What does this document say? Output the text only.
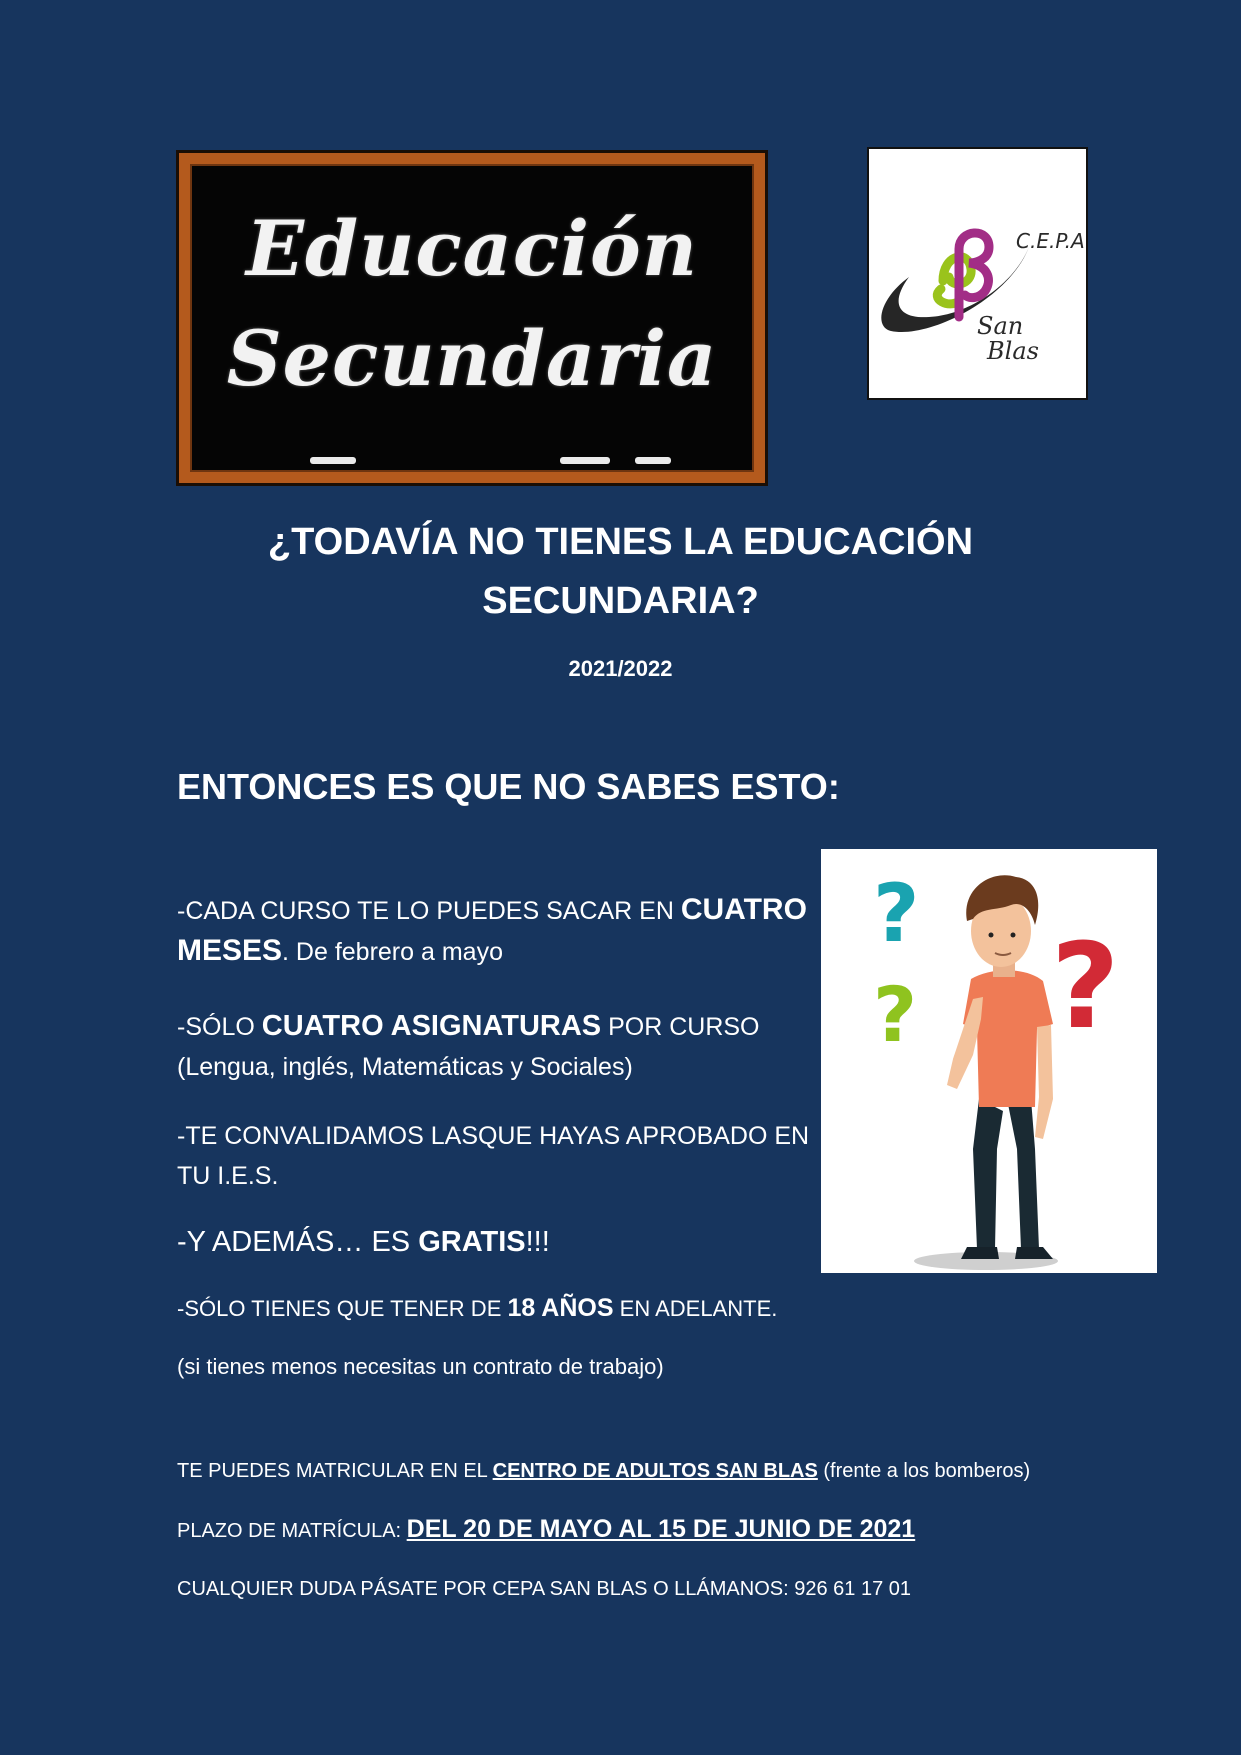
Educación
Secundaria
C.E.P.A
San
Blas
¿TODAVÍA NO TIENES LA EDUCACIÓN
SECUNDARIA?
2021/2022
ENTONCES ES QUE NO SABES ESTO:
?
? ?
-CADA CURSO TE LO PUEDES SACAR EN CUATRO
MESES. De febrero a mayo
-SÓLO CUATRO ASIGNATURAS POR CURSO
(Lengua, inglés, Matemáticas y Sociales)
-TE CONVALIDAMOS LASQUE HAYAS APROBADO EN
TU I.E.S.
-Y ADEMÁS… ES GRATIS!!!
-SÓLO TIENES QUE TENER DE 18 AÑOS EN ADELANTE.
(si tienes menos necesitas un contrato de trabajo)
TE PUEDES MATRICULAR EN EL CENTRO DE ADULTOS SAN BLAS (frente a los bomberos)
PLAZO DE MATRÍCULA: DEL 20 DE MAYO AL 15 DE JUNIO DE 2021
CUALQUIER DUDA PÁSATE POR CEPA SAN BLAS O LLÁMANOS: 926 61 17 01
